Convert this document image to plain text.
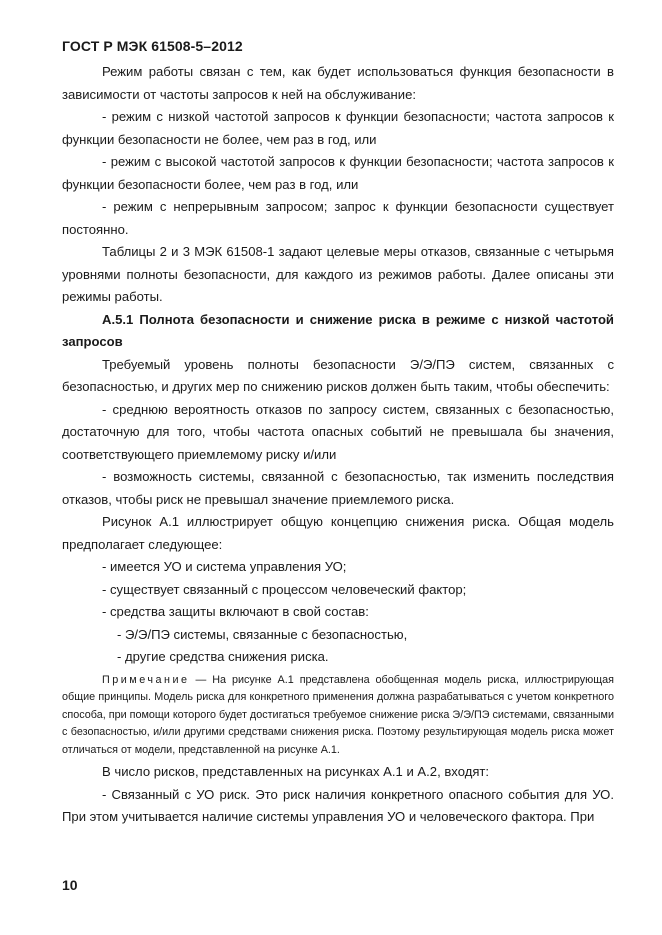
ГОСТ Р МЭК 61508-5–2012

Режим работы связан с тем, как будет использоваться функция безопасности в зависимости от частоты запросов к ней на обслуживание:

- режим с низкой частотой запросов к функции безопасности; частота запросов к функции безопасности не более, чем раз в год, или

- режим с высокой частотой запросов к функции безопасности; частота запросов к функции безопасности более, чем раз в год, или

- режим с непрерывным запросом; запрос к функции безопасности существует постоянно.

Таблицы 2 и 3 МЭК 61508-1 задают целевые меры отказов, связанные с четырьмя уровнями полноты безопасности, для каждого из режимов работы. Далее описаны эти режимы работы.

А.5.1 Полнота безопасности и снижение риска в режиме с низкой частотой запросов

Требуемый уровень полноты безопасности Э/Э/ПЭ систем, связанных с безопасностью, и других мер по снижению рисков должен быть таким, чтобы обеспечить:

- среднюю вероятность отказов по запросу систем, связанных с безопасностью, достаточную для того, чтобы частота опасных событий не превышала бы значения, соответствующего приемлемому риску и/или

- возможность системы, связанной с безопасностью, так изменить последствия отказов, чтобы риск не превышал значение приемлемого риска.

Рисунок А.1 иллюстрирует общую концепцию снижения риска. Общая модель предполагает следующее:

- имеется УО и система управления УО;

- существует связанный с процессом человеческий фактор;

- средства защиты включают в свой состав:

- Э/Э/ПЭ системы, связанные с безопасностью,

- другие средства снижения риска.

Примечание — На рисунке А.1 представлена обобщенная модель риска, иллюстрирующая общие принципы. Модель риска для конкретного применения должна разрабатываться с учетом конкретного способа, при помощи которого будет достигаться требуемое снижение риска Э/Э/ПЭ системами, связанными с безопасностью, и/или другими средствами снижения риска. Поэтому результирующая модель риска может отличаться от модели, представленной на рисунке А.1.

В число рисков, представленных на рисунках А.1 и А.2, входят:

- Связанный с УО риск. Это риск наличия конкретного опасного события для УО. При этом учитывается наличие системы управления УО и человеческого фактора. При

10
